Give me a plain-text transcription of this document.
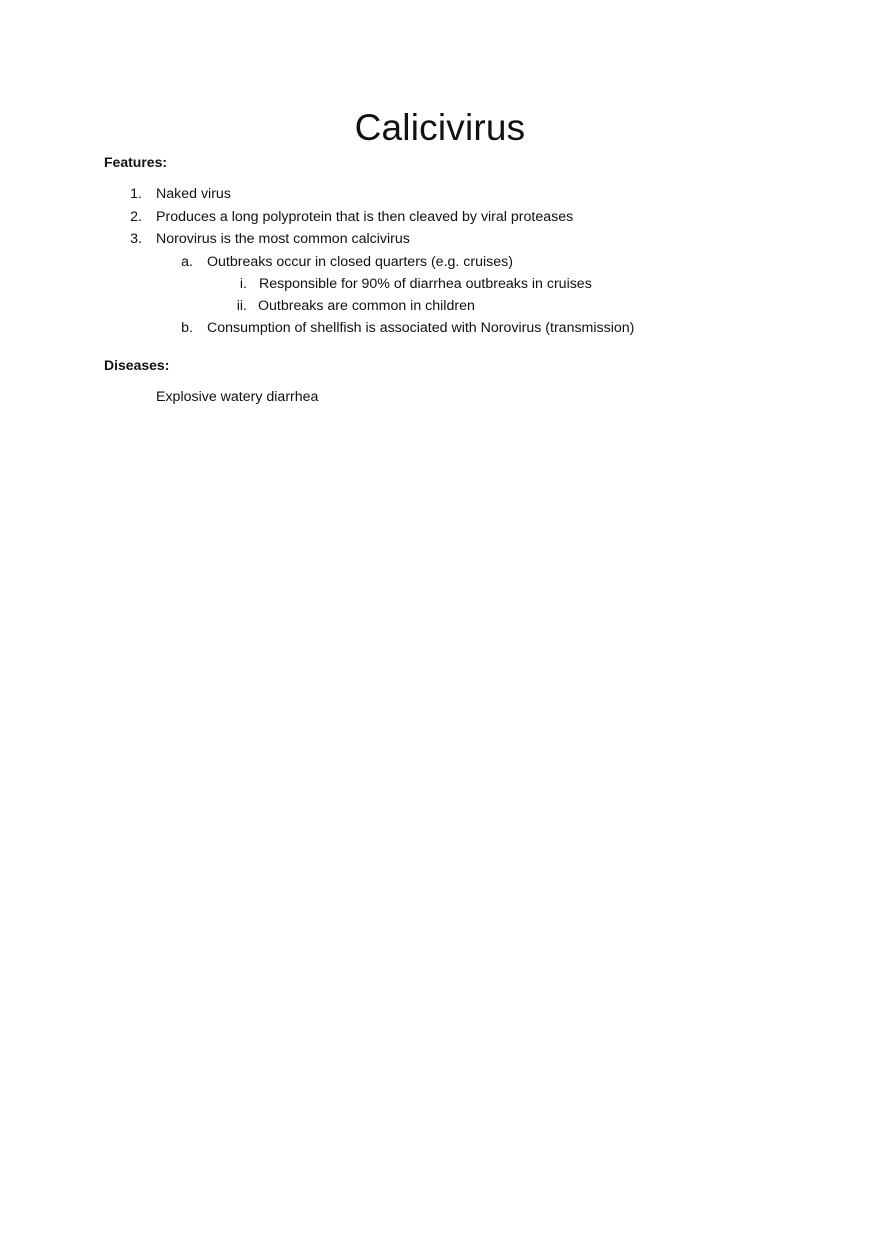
Calicivirus
Features:
1. Naked virus
2. Produces a long polyprotein that is then cleaved by viral proteases
3. Norovirus is the most common calcivirus
a. Outbreaks occur in closed quarters (e.g. cruises)
i. Responsible for 90% of diarrhea outbreaks in cruises
ii. Outbreaks are common in children
b. Consumption of shellfish is associated with Norovirus (transmission)
Diseases:
Explosive watery diarrhea
